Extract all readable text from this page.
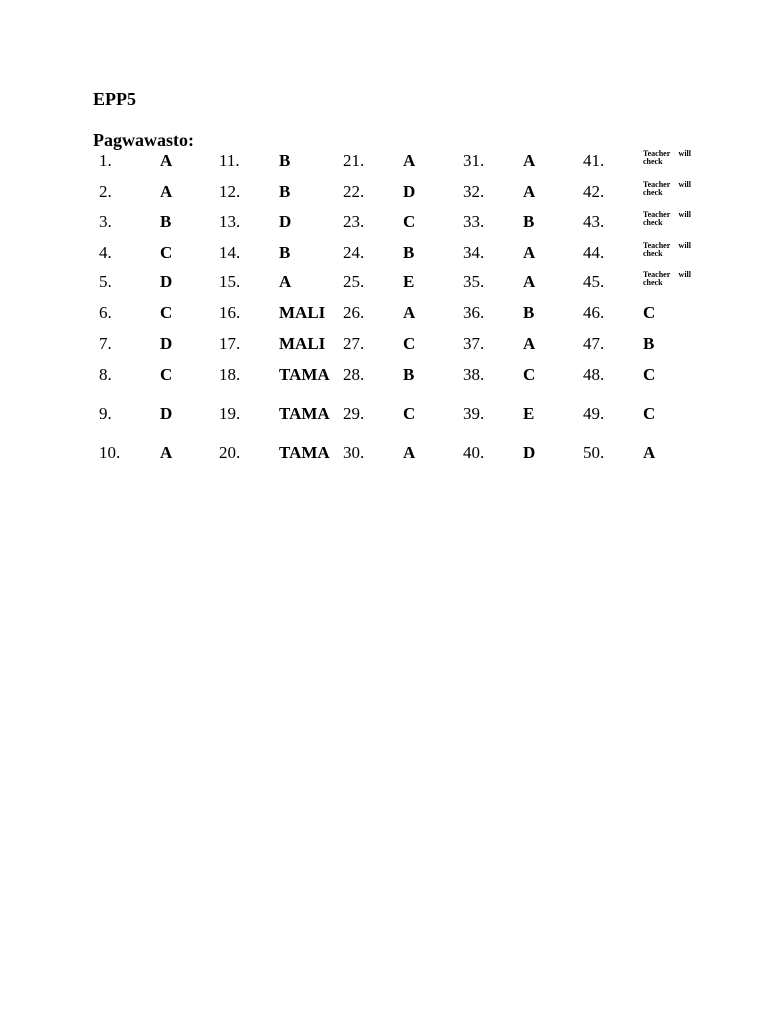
EPP5
Pagwawasto:
1.	A	11. B	21. A	31. A	41.	Teacher will check
2.	A	12. B	22. D	32. A	42.	Teacher will check
3.	B	13. D	23. C	33. B	43.	Teacher will check
4.	C	14. B	24. B	34. A	44.	Teacher will check
5.	D	15. A	25. E	35. A	45.	Teacher will check
6.	C	16. MALI	26. A	36. B	46. C
7.	D	17. MALI	27. C	37. A	47. B
8.	C	18. TAMA 28. B	38. C	48. C
9.	D	19. TAMA 29. C	39. E	49. C
10. A	20. TAMA 30. A	40. D	50. A
